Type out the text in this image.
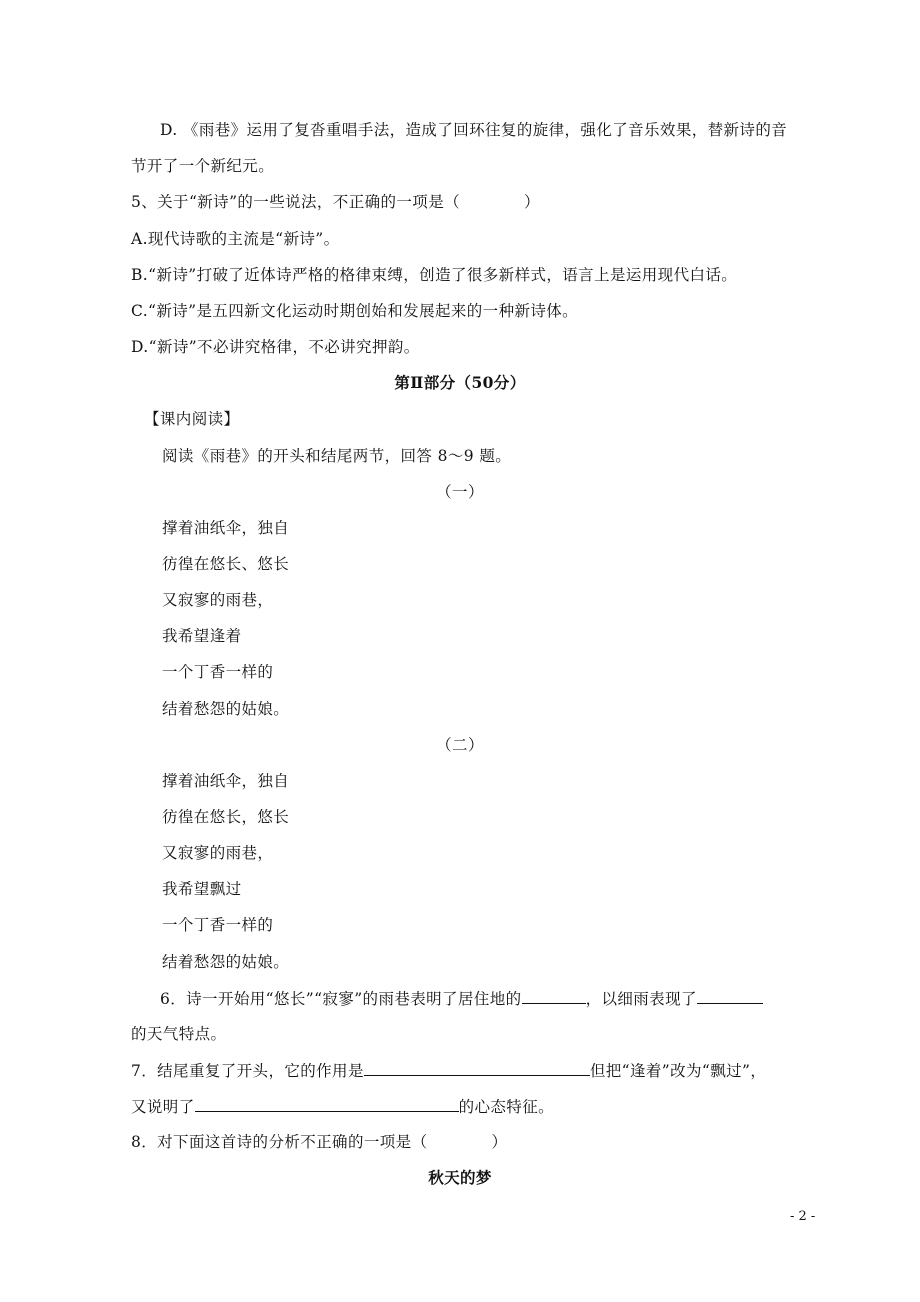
D. 《雨巷》运用了复沓重唱手法，造成了回环往复的旋律，强化了音乐效果，替新诗的音
节开了一个新纪元。
5、关于“新诗”的一些说法，不正确的一项是（	）
A.现代诗歌的主流是“新诗”。
B.“新诗”打破了近体诗严格的格律束缚，创造了很多新样式，语言上是运用现代白话。
C.“新诗”是五四新文化运动时期创始和发展起来的一种新诗体。
D.“新诗”不必讲究格律，不必讲究押韵。
第Ⅱ部分（50分）
【课内阅读】
阅读《雨巷》的开头和结尾两节，回答 8～9 题。
（一）
撑着油纸伞，独自
彷徨在悠长、悠长
又寂寥的雨巷，
我希望逢着
一个丁香一样的
结着愁怨的姑娘。
（二）
撑着油纸伞，独自
彷徨在悠长，悠长
又寂寥的雨巷，
我希望飘过
一个丁香一样的
结着愁怨的姑娘。
6．诗一开始用“悠长”“寂寥”的雨巷表明了居住地的	，以细雨表现了
的天气特点。
7．结尾重复了开头，它的作用是	但把“逢着”改为“飘过”，
又说明了	的心态特征。
8．对下面这首诗的分析不正确的一项是（	）
秋天的梦
- 2 -
